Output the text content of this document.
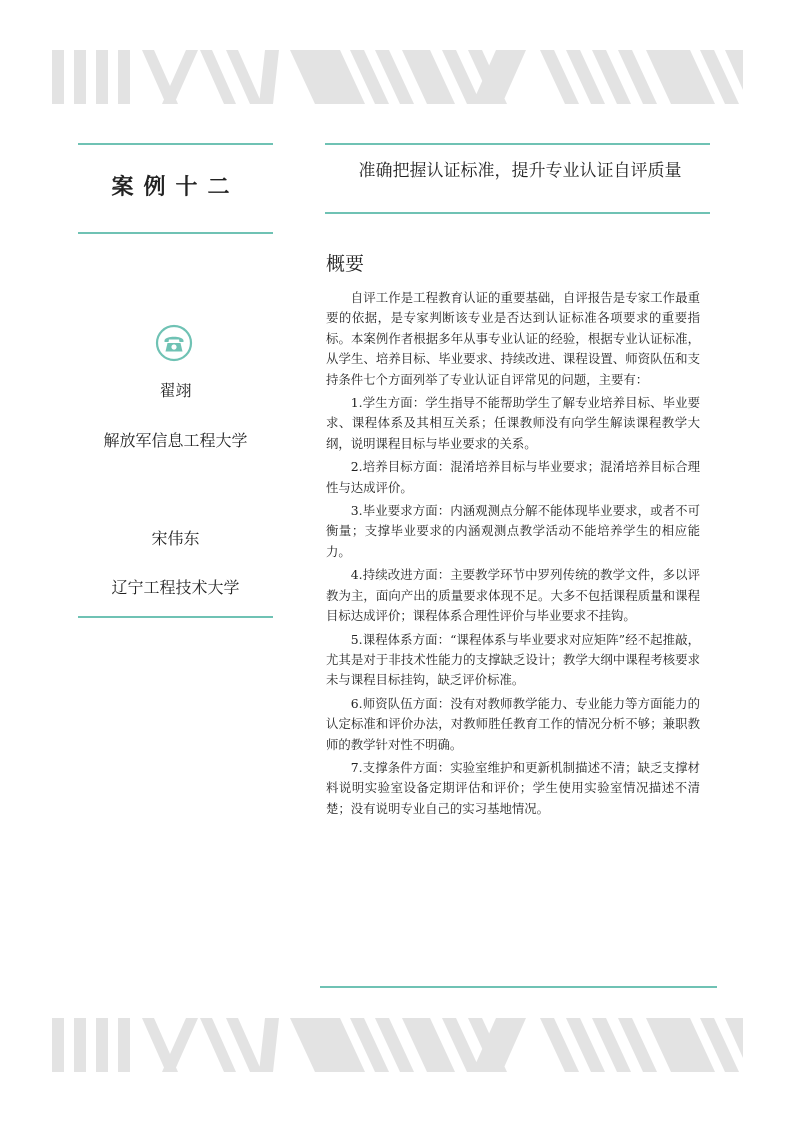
案例十二
准确把握认证标准，提升专业认证自评质量
翟翊
解放军信息工程大学
宋伟东
辽宁工程技术大学
概要

自评工作是工程教育认证的重要基础，自评报告是专家工作最重要的依据，是专家判断该专业是否达到认证标准各项要求的重要指标。本案例作者根据多年从事专业认证的经验，根据专业认证标准，从学生、培养目标、毕业要求、持续改进、课程设置、师资队伍和支持条件七个方面列举了专业认证自评常见的问题，主要有：

1.学生方面：学生指导不能帮助学生了解专业培养目标、毕业要求、课程体系及其相互关系；任课教师没有向学生解读课程教学大纲，说明课程目标与毕业要求的关系。

2.培养目标方面：混淆培养目标与毕业要求；混淆培养目标合理性与达成评价。

3.毕业要求方面：内涵观测点分解不能体现毕业要求，或者不可衡量；支撑毕业要求的内涵观测点教学活动不能培养学生的相应能力。

4.持续改进方面：主要教学环节中罗列传统的教学文件，多以评教为主，面向产出的质量要求体现不足。大多不包括课程质量和课程目标达成评价；课程体系合理性评价与毕业要求不挂钩。

5.课程体系方面：“课程体系与毕业要求对应矩阵”经不起推敲，尤其是对于非技术性能力的支撑缺乏设计；教学大纲中课程考核要求未与课程目标挂钩，缺乏评价标准。

6.师资队伍方面：没有对教师教学能力、专业能力等方面能力的认定标准和评价办法，对教师胜任教育工作的情况分析不够；兼职教师的教学针对性不明确。

7.支撑条件方面：实验室维护和更新机制描述不清；缺乏支撑材料说明实验室设备定期评估和评价；学生使用实验室情况描述不清楚；没有说明专业自己的实习基地情况。
